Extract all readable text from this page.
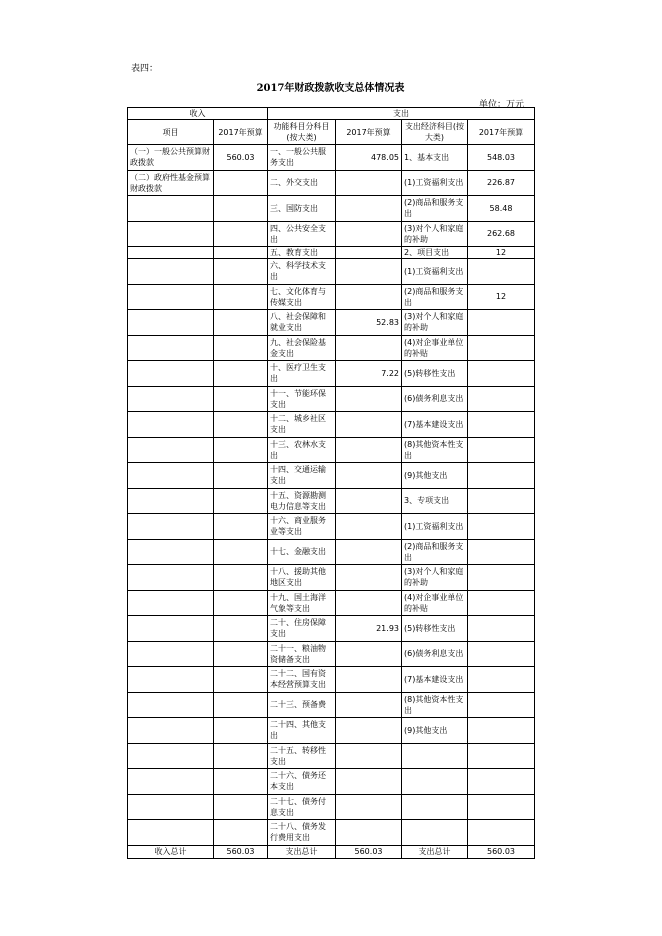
表四：
2017年财政拨款收支总体情况表
单位：万元
收入		支出			
项目	2017年预算	功能科目分科目(按大类)	2017年预算	支出经济科目(按大类)	2017年预算
（一）一般公共预算财政拨款	560.03	一、一般公共服务支出	478.05	1、基本支出	548.03
（二）政府性基金预算财政拨款		二、外交支出		(1)工资福利支出	226.87
		三、国防支出		(2)商品和服务支出	58.48
		四、公共安全支出		(3)对个人和家庭的补助	262.68
		五、教育支出		2、项目支出	12
		六、科学技术支出		(1)工资福利支出	
		七、文化体育与传媒支出		(2)商品和服务支出	12
		八、社会保障和就业支出	52.83	(3)对个人和家庭的补助	
		九、社会保险基金支出		(4)对企事业单位的补贴	
		十、医疗卫生支出	7.22	(5)转移性支出	
		十一、节能环保支出		(6)债务利息支出	
		十二、城乡社区支出		(7)基本建设支出	
		十三、农林水支出		(8)其他资本性支出	
		十四、交通运输支出		(9)其他支出	
		十五、资源勘测电力信息等支出		3、专项支出	
		十六、商业服务业等支出		(1)工资福利支出	
		十七、金融支出		(2)商品和服务支出	
		十八、援助其他地区支出		(3)对个人和家庭的补助	
		十九、国土海洋气象等支出		(4)对企事业单位的补贴	
		二十、住房保障支出	21.93	(5)转移性支出	
		二十一、粮油物资储备支出		(6)债务利息支出	
		二十二、国有资本经营预算支出		(7)基本建设支出	
		二十三、预备费		(8)其他资本性支出	
		二十四、其他支出		(9)其他支出	
		二十五、转移性支出			
		二十六、债务还本支出			
		二十七、债务付息支出			
		二十八、债务发行费用支出			
收入总计	560.03	支出总计	560.03	支出总计	560.03
